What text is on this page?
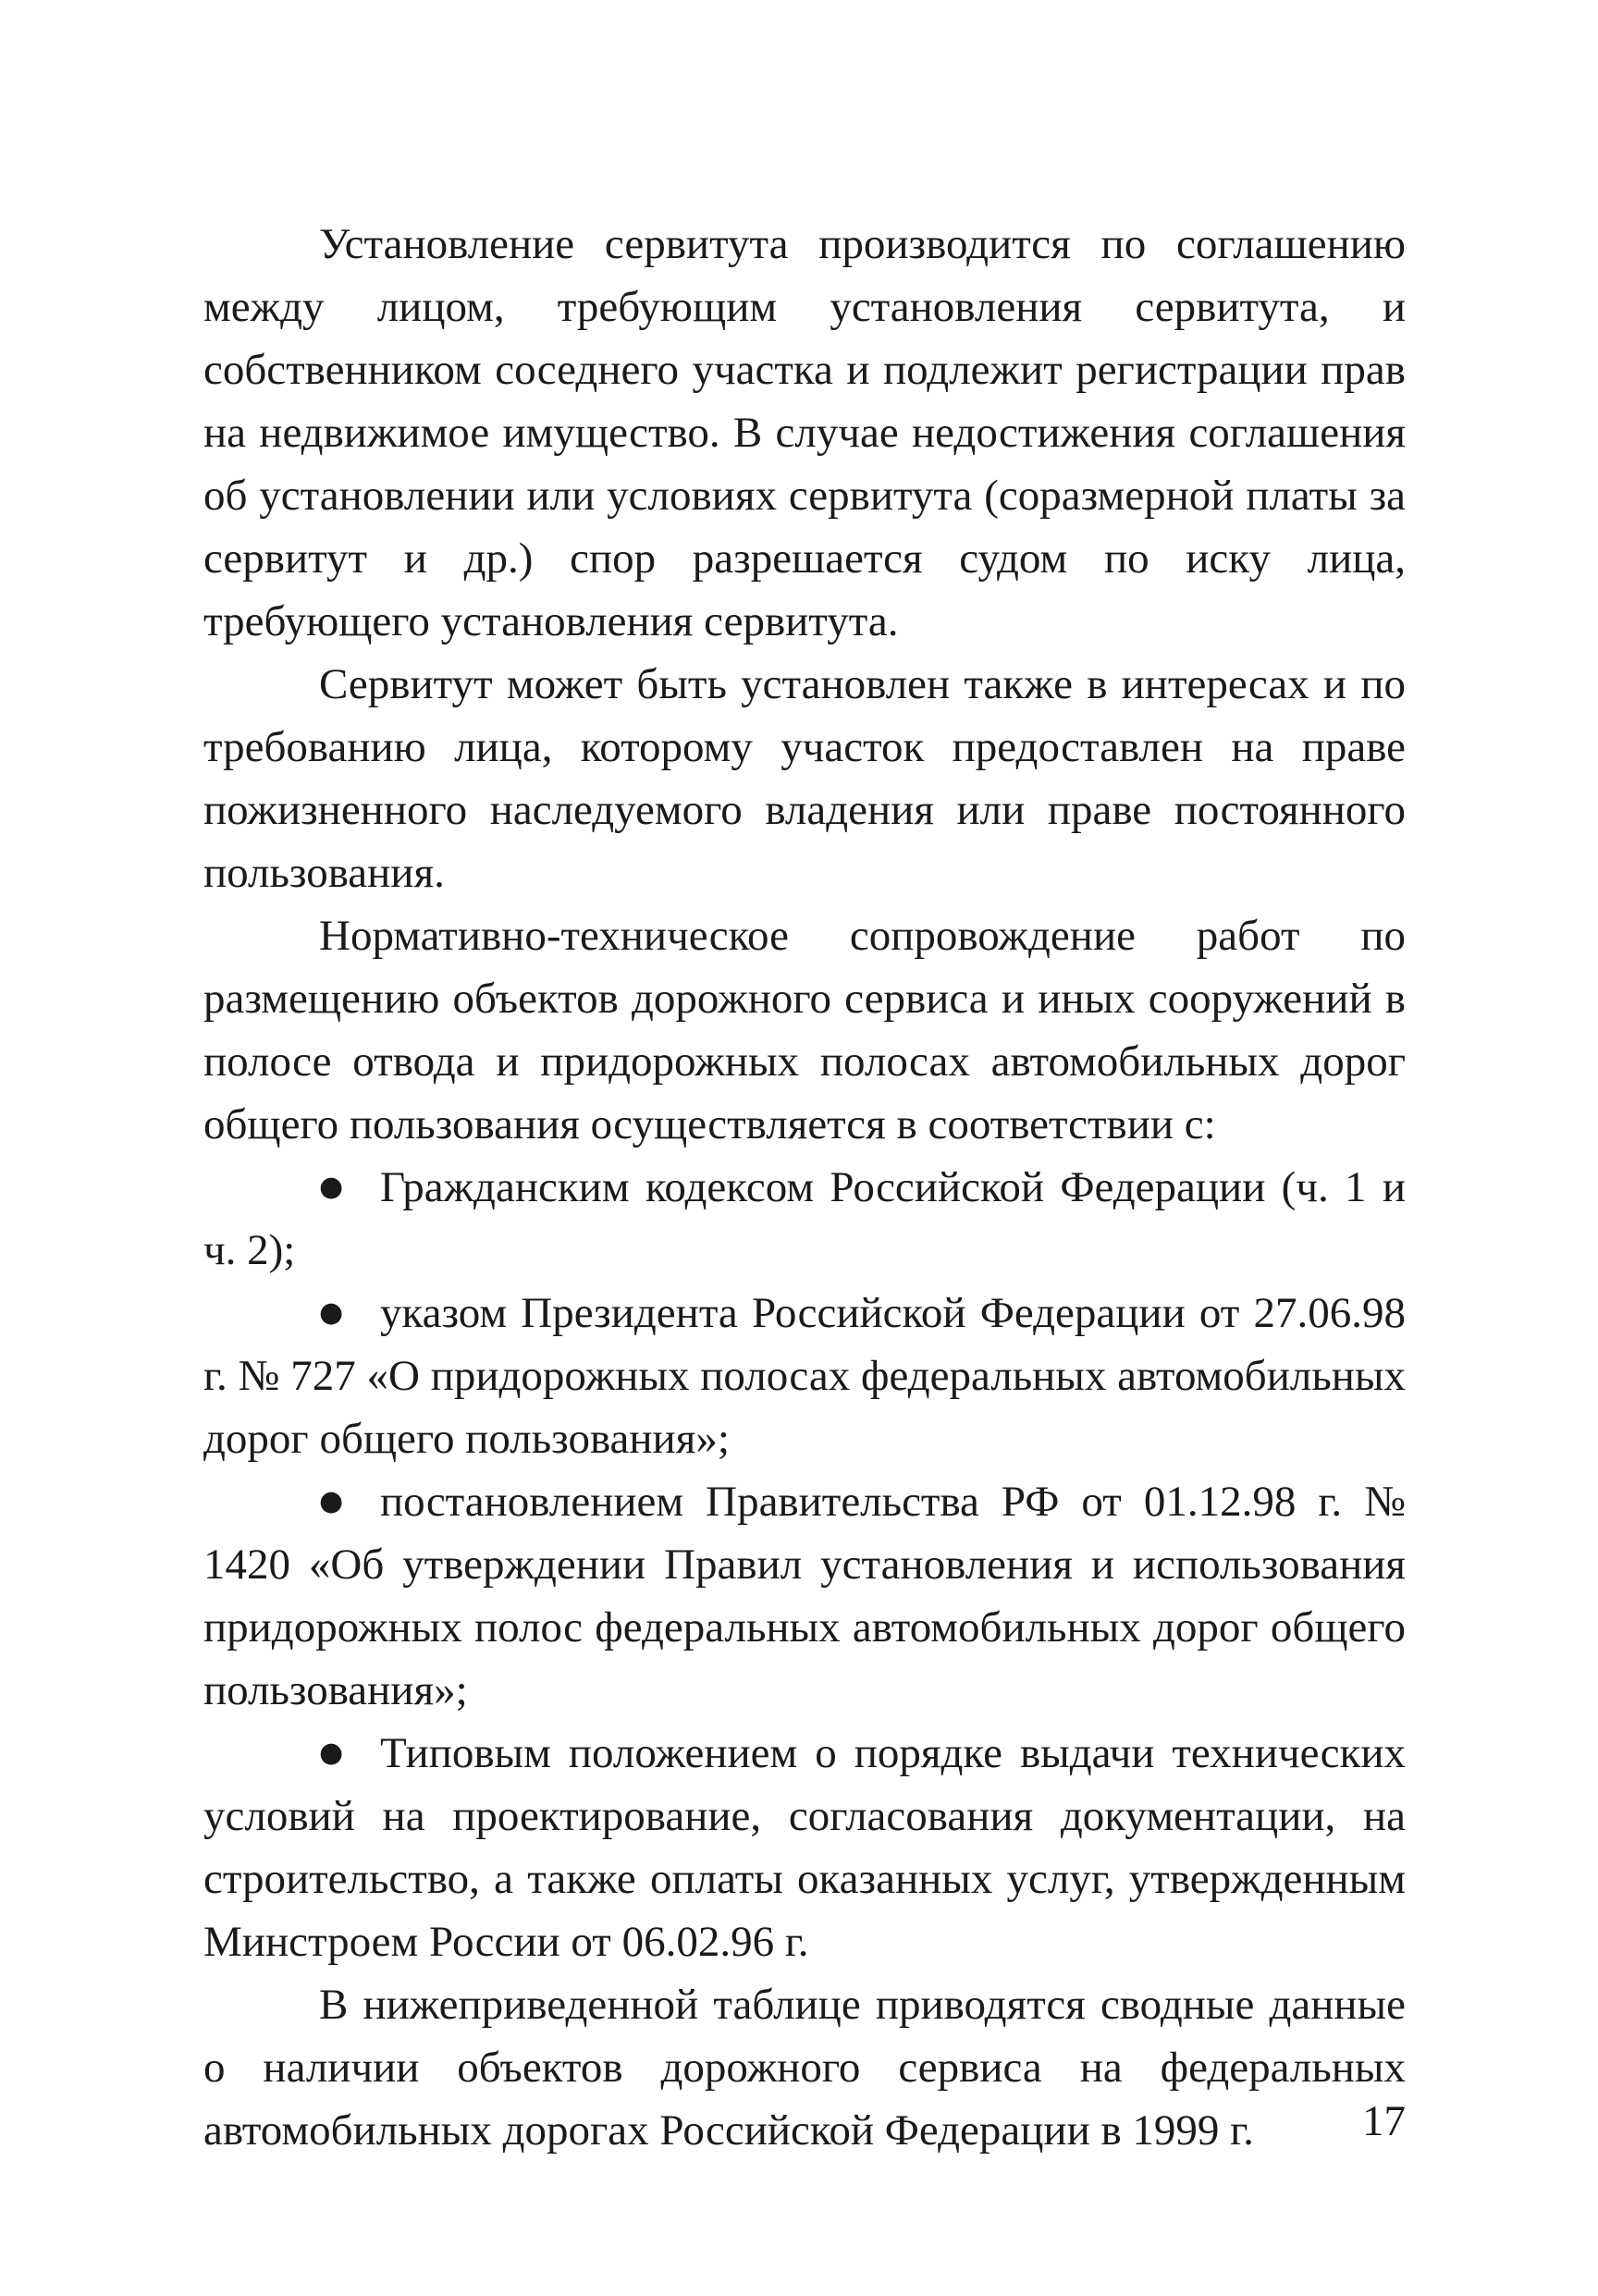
Установление сервитута производится по соглашению между лицом, требующим установления сервитута, и собственником соседнего участка и подлежит регистрации прав на недвижимое имущество. В случае недостижения соглашения об установлении или условиях сервитута (соразмерной платы за сервитут и др.) спор разрешается судом по иску лица, требующего установления сервитута.

Сервитут может быть установлен также в интересах и по требованию лица, которому участок предоставлен на праве пожизненного наследуемого владения или праве постоянного пользования.

Нормативно-техническое сопровождение работ по размещению объектов дорожного сервиса и иных сооружений в полосе отвода и придорожных полосах автомобильных дорог общего пользования осуществляется в соответствии с:

● Гражданским кодексом Российской Федерации (ч. 1 и ч. 2);
● указом Президента Российской Федерации от 27.06.98 г. № 727 «О придорожных полосах федеральных автомобильных дорог общего пользования»;
● постановлением Правительства РФ от 01.12.98 г. № 1420 «Об утверждении Правил установления и использования придорожных полос федеральных автомобильных дорог общего пользования»;
● Типовым положением о порядке выдачи технических условий на проектирование, согласования документации, на строительство, а также оплаты оказанных услуг, утвержденным Минстроем России от 06.02.96 г.

В нижеприведенной таблице приводятся сводные данные о наличии объектов дорожного сервиса на федеральных автомобильных дорогах Российской Федерации в 1999 г.	17
